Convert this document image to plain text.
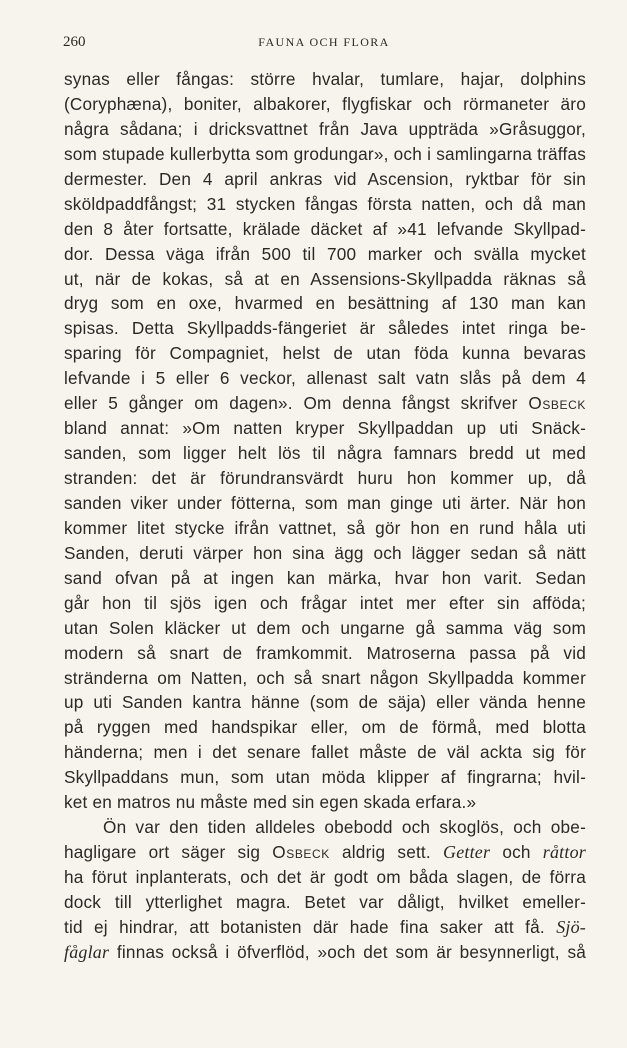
260	FAUNA OCH FLORA
synas eller fångas: större hvalar, tumlare, hajar, dolphins
(Coryphæna), boniter, albakorer, flygfiskar och rörmaneter äro
några sådana; i dricksvattnet från Java uppträda »Gråsuggor,
som stupade kullerbytta som grodungar», och i samlingarna träffas
dermester. Den 4 april ankras vid Ascension, ryktbar för sin
sköldpaddfångst; 31 stycken fångas första natten, och då man
den 8 åter fortsatte, krälade däcket af »41 lefvande Skyllpad-
dor. Dessa väga ifrån 500 til 700 marker och svälla mycket
ut, när de kokas, så at en Assensions-Skyllpadda räknas så
dryg som en oxe, hvarmed en besättning af 130 man kan
spisas. Detta Skyllpadds-fängeriet är således intet ringa be-
sparing för Compagniet, helst de utan föda kunna bevaras
lefvande i 5 eller 6 veckor, allenast salt vatn slås på dem 4
eller 5 gånger om dagen». Om denna fångst skrifver Osbeck
bland annat: »Om natten kryper Skyllpaddan up uti Snäck-
sanden, som ligger helt lös til några famnars bredd ut med
stranden: det är förundransvärdt huru hon kommer up, då
sanden viker under fötterna, som man ginge uti ärter. När hon
kommer litet stycke ifrån vattnet, så gör hon en rund håla uti
Sanden, deruti värper hon sina ägg och lägger sedan så nätt
sand ofvan på at ingen kan märka, hvar hon varit. Sedan
går hon til sjös igen och frågar intet mer efter sin afföda;
utan Solen kläcker ut dem och ungarne gå samma väg som
modern så snart de framkommit. Matroserna passa på vid
stränderna om Natten, och så snart någon Skyllpadda kommer
up uti Sanden kantra hänne (som de säja) eller vända henne
på ryggen med handspikar eller, om de förmå, med blotta
händerna; men i det senare fallet måste de väl ackta sig för
Skyllpaddans mun, som utan möda klipper af fingrarna; hvil-
ket en matros nu måste med sin egen skada erfara.»
Ön var den tiden alldeles obebodd och skoglös, och obe-
hagligare ort säger sig Osbeck aldrig sett. Getter och råttor
ha förut inplanterats, och det är godt om båda slagen, de förra
dock till ytterlighet magra. Betet var dåligt, hvilket emeller-
tid ej hindrar, att botanisten där hade fina saker att få. Sjö-
fåglar finnas också i öfverflöd, »och det som är besynnerligt, så
